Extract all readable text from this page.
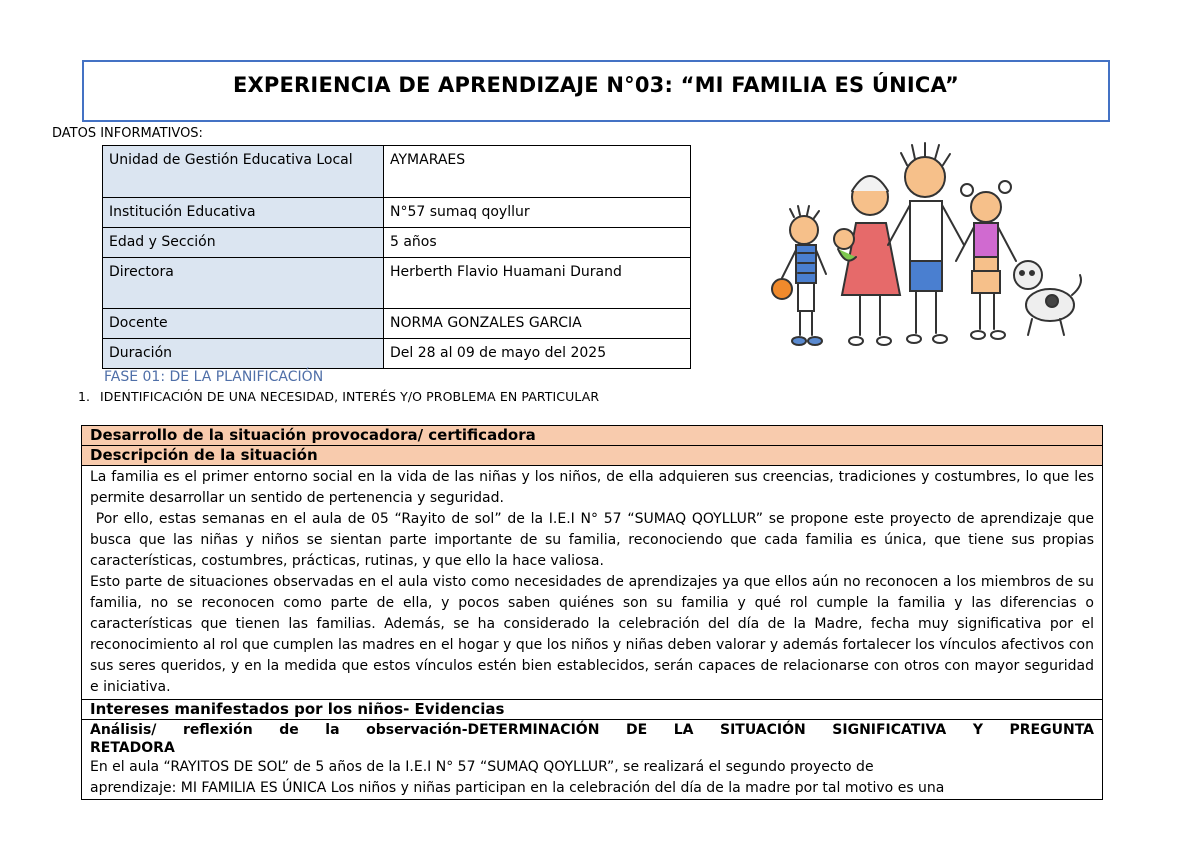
EXPERIENCIA DE APRENDIZAJE N°03: “MI FAMILIA ES ÚNICA”
DATOS INFORMATIVOS:
Unidad de Gestión Educativa Local	AYMARAES
Institución Educativa	N°57 sumaq qoyllur
Edad y Sección	5 años
Directora	Herberth Flavio Huamani Durand
Docente	NORMA GONZALES GARCIA
Duración	Del 28 al 09 de mayo del 2025
FASE 01: DE LA PLANIFICACIÓN
1. IDENTIFICACIÓN DE UNA NECESIDAD, INTERÉS Y/O PROBLEMA EN PARTICULAR
Desarrollo de la situación provocadora/ certificadora
Descripción de la situación

La familia es el primer entorno social en la vida de las niñas y los niños, de ella adquieren sus creencias, tradiciones y costumbres, lo que les permite desarrollar un sentido de pertenencia y seguridad.

Por ello, estas semanas en el aula de 05 “Rayito de sol” de la I.E.I N° 57 “SUMAQ QOYLLUR” se propone este proyecto de aprendizaje que busca que las niñas y niños se sientan parte importante de su familia, reconociendo que cada familia es única, que tiene sus propias características, costumbres, prácticas, rutinas, y que ello la hace valiosa.

Esto parte de situaciones observadas en el aula visto como necesidades de aprendizajes ya que ellos aún no reconocen a los miembros de su familia, no se reconocen como parte de ella, y pocos saben quiénes son su familia y qué rol cumple la familia y las diferencias o características que tienen las familias. Además, se ha considerado la celebración del día de la Madre, fecha muy significativa por el reconocimiento al rol que cumplen las madres en el hogar y que los niños y niñas deben valorar y además fortalecer los vínculos afectivos con sus seres queridos, y en la medida que estos vínculos estén bien establecidos, serán capaces de relacionarse con otros con mayor seguridad e iniciativa.

Intereses manifestados por los niños- Evidencias
Análisis/ reflexión de la observación-DETERMINACIÓN DE LA SITUACIÓN SIGNIFICATIVA Y PREGUNTA
RETADORA

En el aula “RAYITOS DE SOL” de 5 años de la I.E.I N° 57 “SUMAQ QOYLLUR”, se realizará el segundo proyecto de

aprendizaje: MI FAMILIA ES ÚNICA Los niños y niñas participan en la celebración del día de la madre por tal motivo es una
